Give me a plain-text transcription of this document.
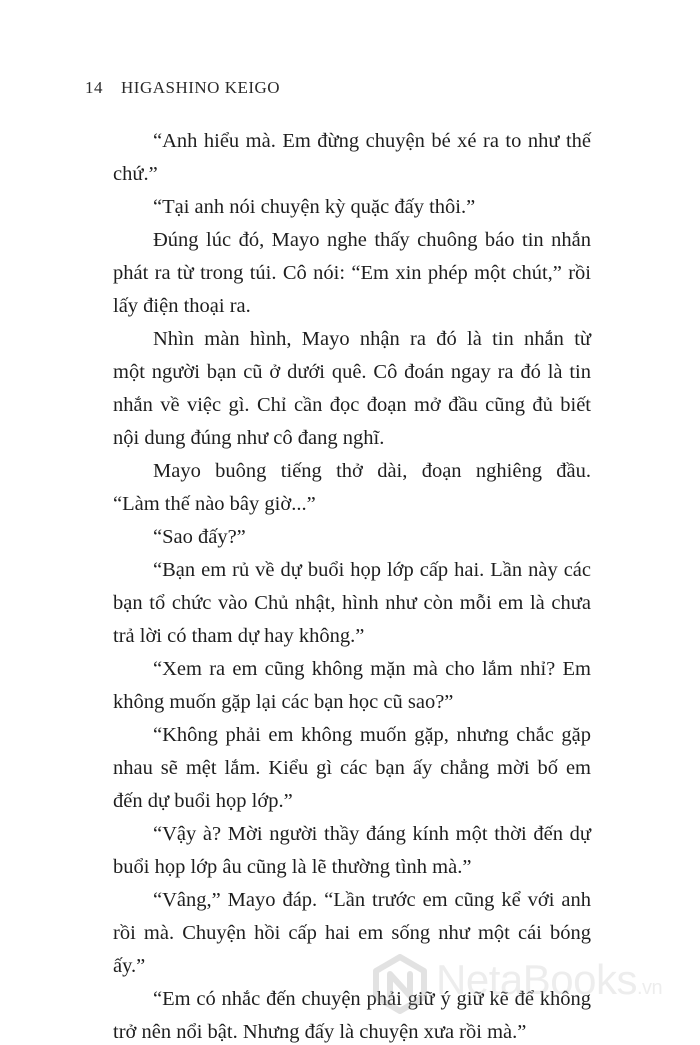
14 HIGASHINO KEIGO
“Anh hiểu mà. Em đừng chuyện bé xé ra to như thế
chứ.”
“Tại anh nói chuyện kỳ quặc đấy thôi.”
Đúng lúc đó, Mayo nghe thấy chuông báo tin nhắn
phát ra từ trong túi. Cô nói: “Em xin phép một chút,” rồi
lấy điện thoại ra.
Nhìn màn hình, Mayo nhận ra đó là tin nhắn từ
một người bạn cũ ở dưới quê. Cô đoán ngay ra đó là tin
nhắn về việc gì. Chỉ cần đọc đoạn mở đầu cũng đủ biết
nội dung đúng như cô đang nghĩ.
Mayo buông tiếng thở dài, đoạn nghiêng đầu.
“Làm thế nào bây giờ...”
“Sao đấy?”
“Bạn em rủ về dự buổi họp lớp cấp hai. Lần này các
bạn tổ chức vào Chủ nhật, hình như còn mỗi em là chưa
trả lời có tham dự hay không.”
“Xem ra em cũng không mặn mà cho lắm nhỉ? Em
không muốn gặp lại các bạn học cũ sao?”
“Không phải em không muốn gặp, nhưng chắc gặp
nhau sẽ mệt lắm. Kiểu gì các bạn ấy chẳng mời bố em
đến dự buổi họp lớp.”
“Vậy à? Mời người thầy đáng kính một thời đến dự
buổi họp lớp âu cũng là lẽ thường tình mà.”
“Vâng,” Mayo đáp. “Lần trước em cũng kể với anh
rồi mà. Chuyện hồi cấp hai em sống như một cái bóng
ấy.”
“Em có nhắc đến chuyện phải giữ ý giữ kẽ để không
trở nên nổi bật. Nhưng đấy là chuyện xưa rồi mà.”
NetaBooks.vn
